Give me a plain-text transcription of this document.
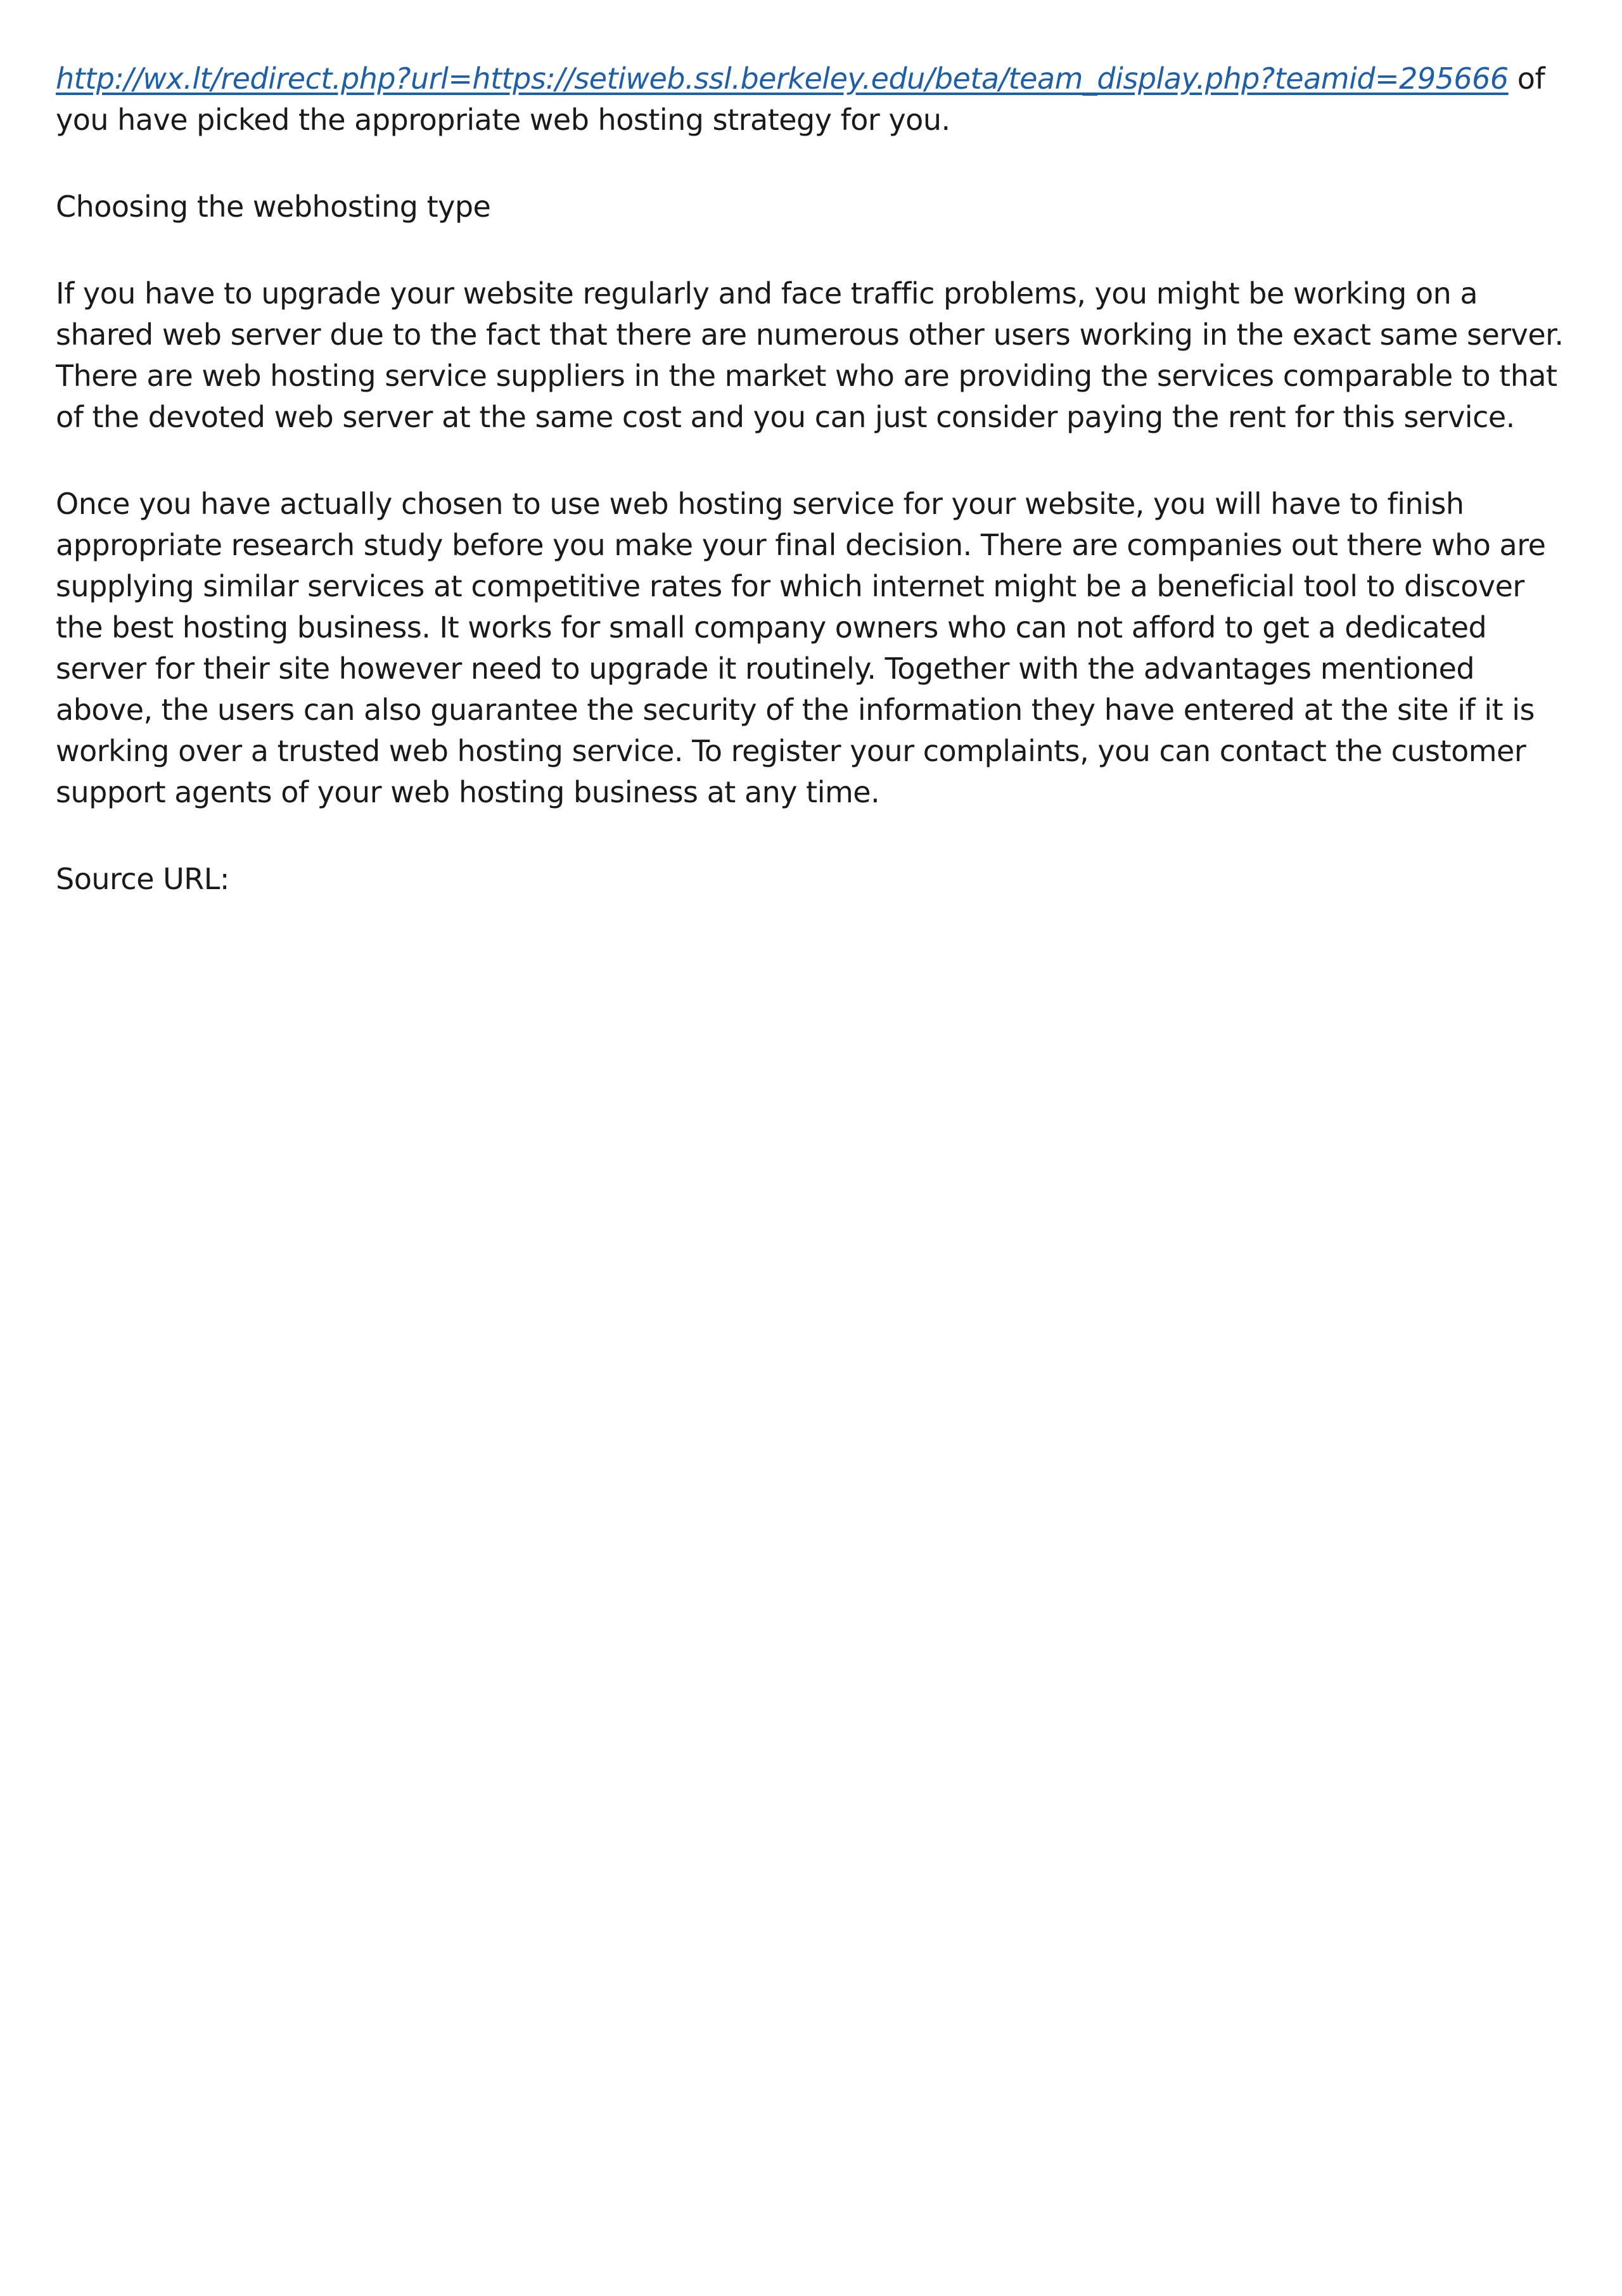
http://wx.lt/redirect.php?url=https://setiweb.ssl.berkeley.edu/beta/team_display.php?teamid=295666 of you have picked the appropriate web hosting strategy for you.

Choosing the webhosting type

If you have to upgrade your website regularly and face traffic problems, you might be working on a shared web server due to the fact that there are numerous other users working in the exact same server. There are web hosting service suppliers in the market who are providing the services comparable to that of the devoted web server at the same cost and you can just consider paying the rent for this service.

Once you have actually chosen to use web hosting service for your website, you will have to finish appropriate research study before you make your final decision. There are companies out there who are supplying similar services at competitive rates for which internet might be a beneficial tool to discover the best hosting business. It works for small company owners who can not afford to get a dedicated server for their site however need to upgrade it routinely. Together with the advantages mentioned above, the users can also guarantee the security of the information they have entered at the site if it is working over a trusted web hosting service. To register your complaints, you can contact the customer support agents of your web hosting business at any time.

Source URL:
